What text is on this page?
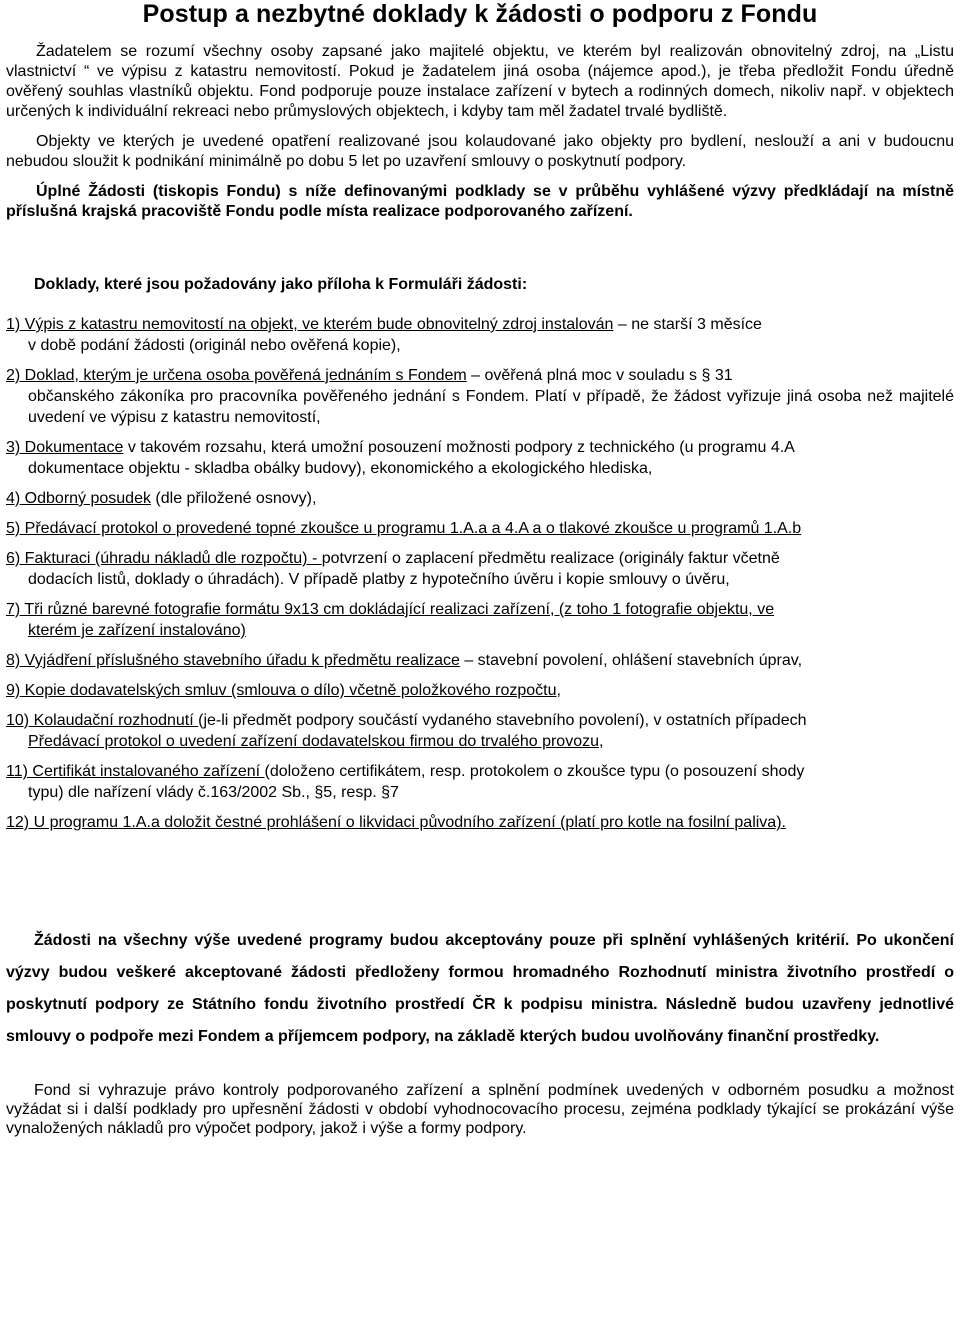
Postup a nezbytné doklady k žádosti o podporu z Fondu

Žadatelem se rozumí všechny osoby zapsané jako majitelé objektu, ve kterém byl realizován obnovitelný zdroj, na „Listu vlastnictví “ ve výpisu z katastru nemovitostí. Pokud je žadatelem jiná osoba (nájemce apod.), je třeba předložit Fondu úředně ověřený souhlas vlastníků objektu. Fond podporuje pouze instalace zařízení v bytech a rodinných domech, nikoliv např. v objektech určených k individuální rekreaci nebo průmyslových objektech, i kdyby tam měl žadatel trvalé bydliště.

Objekty ve kterých je uvedené opatření realizované jsou kolaudované jako objekty pro bydlení, neslouží a ani v budoucnu nebudou sloužit k podnikání minimálně po dobu 5 let po uzavření smlouvy o poskytnutí podpory.

Úplné Žádosti (tiskopis Fondu) s níže definovanými podklady se v průběhu vyhlášené výzvy předkládají na místně příslušná krajská pracoviště Fondu podle místa realizace podporovaného zařízení.

Doklady, které jsou požadovány jako příloha k Formuláři žádosti:
1) Výpis z katastru nemovitostí na objekt, ve kterém bude obnovitelný zdroj instalován – ne starší 3 měsíce
v době podání žádosti (originál nebo ověřená kopie),
2) Doklad, kterým je určena osoba pověřená jednáním s Fondem – ověřená plná moc v souladu s § 31
občanského zákoníka pro pracovníka pověřeného jednání s Fondem. Platí v případě, že žádost vyřizuje jiná osoba než majitelé uvedení ve výpisu z katastru nemovitostí,
3) Dokumentace v takovém rozsahu, která umožní posouzení možnosti podpory z technického (u programu 4.A
dokumentace objektu - skladba obálky budovy), ekonomického a ekologického hlediska,
4) Odborný posudek (dle přiložené osnovy),
5) Předávací protokol o provedené topné zkoušce u programu 1.A.a a 4.A a o tlakové zkoušce u programů 1.A.b
6) Fakturaci (úhradu nákladů dle rozpočtu) - potvrzení o zaplacení předmětu realizace (originály faktur včetně
dodacích listů, doklady o úhradách). V případě platby z hypotečního úvěru i kopie smlouvy o úvěru,
7) Tři různé barevné fotografie formátu 9x13 cm dokládající realizaci zařízení, (z toho 1 fotografie objektu, ve
kterém je zařízení instalováno)
8) Vyjádření příslušného stavebního úřadu k předmětu realizace – stavební povolení, ohlášení stavebních úprav,
9) Kopie dodavatelských smluv (smlouva o dílo) včetně položkového rozpočtu,
10) Kolaudační rozhodnutí (je-li předmět podpory součástí vydaného stavebního povolení), v ostatních případech
Předávací protokol o uvedení zařízení dodavatelskou firmou do trvalého provozu,
11) Certifikát instalovaného zařízení (doloženo certifikátem, resp. protokolem o zkoušce typu (o posouzení shody
typu) dle nařízení vlády č.163/2002 Sb., §5, resp. §7
12) U programu 1.A.a doložit čestné prohlášení o likvidaci původního zařízení (platí pro kotle na fosilní paliva).

Žádosti na všechny výše uvedené programy budou akceptovány pouze při splnění vyhlášených kritérií. Po ukončení výzvy budou veškeré akceptované žádosti předloženy formou hromadného Rozhodnutí ministra životního prostředí o poskytnutí podpory ze Státního fondu životního prostředí ČR k podpisu ministra. Následně budou uzavřeny jednotlivé smlouvy o podpoře mezi Fondem a příjemcem podpory, na základě kterých budou uvolňovány finanční prostředky.

Fond si vyhrazuje právo kontroly podporovaného zařízení a splnění podmínek uvedených v odborném posudku a možnost vyžádat si i další podklady pro upřesnění žádosti v období vyhodnocovacího procesu, zejména podklady týkající se prokázání výše vynaložených nákladů pro výpočet podpory, jakož i výše a formy podpory.
